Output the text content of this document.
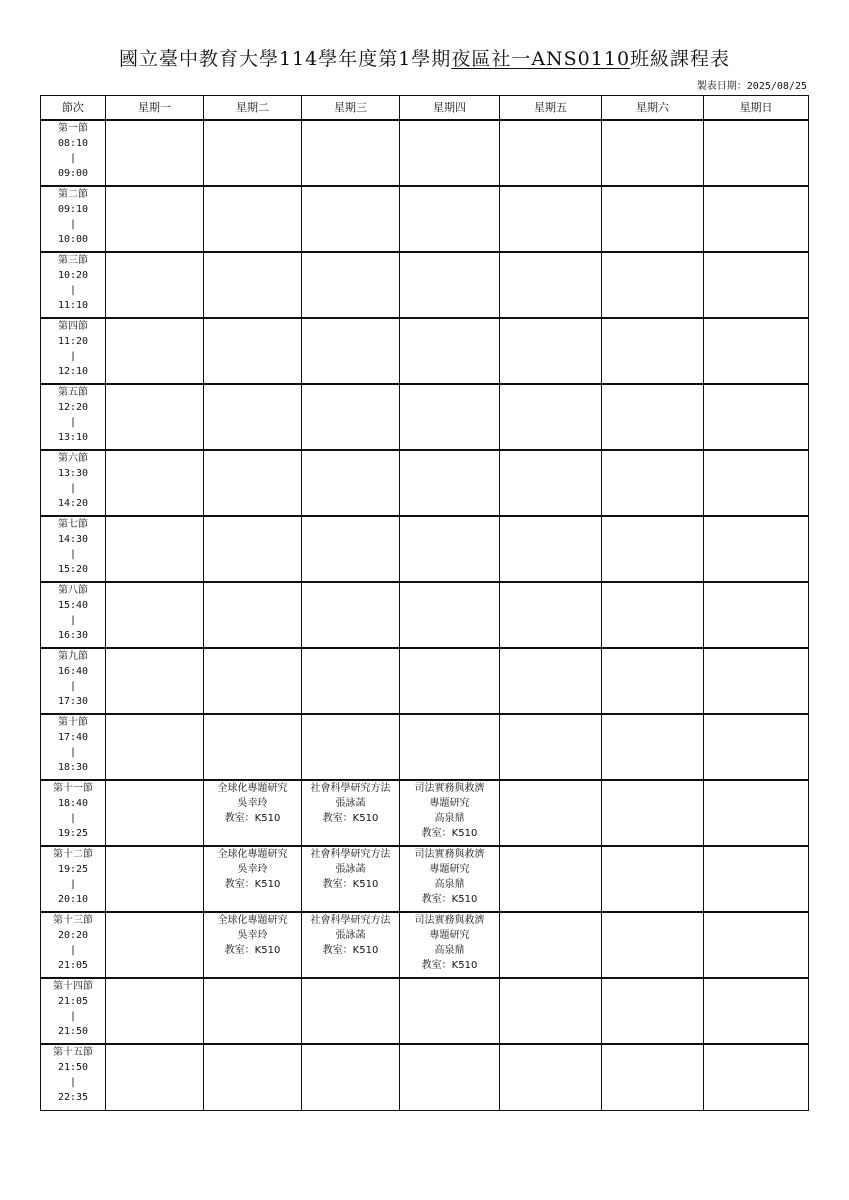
國立臺中教育大學114學年度第1學期夜區社一ANS0110班級課程表
製表日期：2025/08/25
節次	星期一	星期二	星期三	星期四	星期五	星期六	星期日

第一節
08:10
|
09:00							

第二節
09:10
|
10:00							

第三節
10:20
|
11:10							

第四節
11:20
|
12:10							

第五節
12:20
|
13:10							

第六節
13:30
|
14:20							

第七節
14:30
|
15:20							

第八節
15:40
|
16:30							

第九節
16:40
|
17:30							

第十節
17:40
|
18:30							

第十一節
18:40
|
19:25		全球化專題研究
吳幸玲
教室：K510	社會科學研究方法
張詠菡
教室：K510	司法實務與救濟專題研究
高泉鼎
教室：K510			

第十二節
19:25
|
20:10		全球化專題研究
吳幸玲
教室：K510	社會科學研究方法
張詠菡
教室：K510	司法實務與救濟專題研究
高泉鼎
教室：K510			

第十三節
20:20
|
21:05		全球化專題研究
吳幸玲
教室：K510	社會科學研究方法
張詠菡
教室：K510	司法實務與救濟專題研究
高泉鼎
教室：K510			

第十四節
21:05
|
21:50							

第十五節
21:50
|
22:35							
